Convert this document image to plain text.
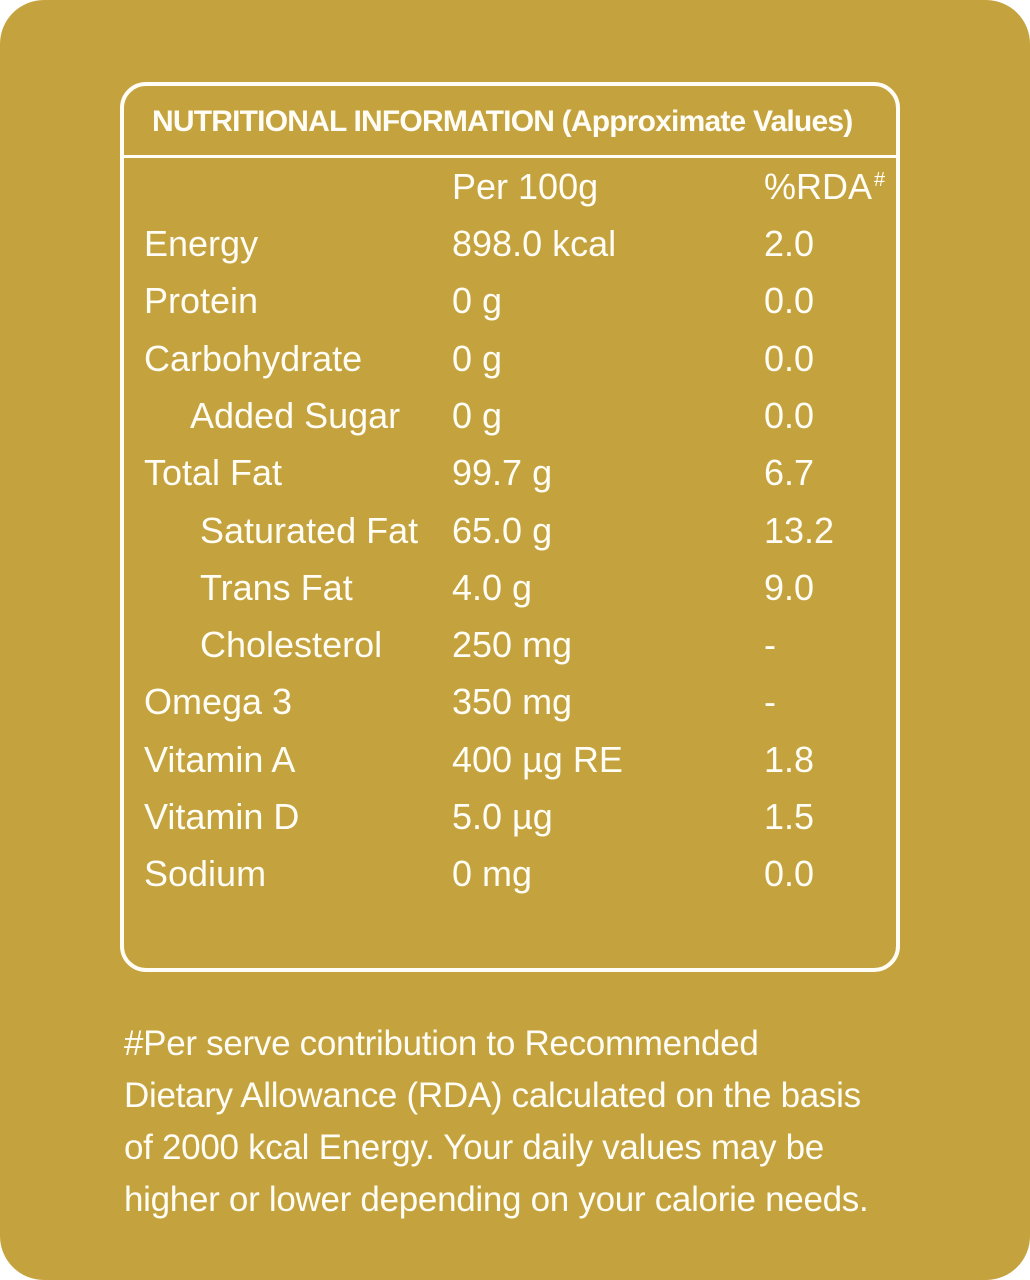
NUTRITIONAL INFORMATION (Approximate Values)
Per 100g	%RDA #
Energy	898.0 kcal	2.0
Protein	0 g	0.0
Carbohydrate 0 g	0.0
Added Sugar 0 g	0.0
Total Fat	99.7 g	6.7
Saturated Fat 65.0 g	13.2
Trans Fat	4.0 g	9.0
Cholesterol 250 mg	-
Omega 3	350 mg	-
Vitamin A	400 µg RE	1.8
Vitamin D	5.0 µg	1.5
Sodium	0 mg	0.0
#Per serve contribution to Recommended
Dietary Allowance (RDA) calculated on the basis
of 2000 kcal Energy. Your daily values may be
higher or lower depending on your calorie needs.
